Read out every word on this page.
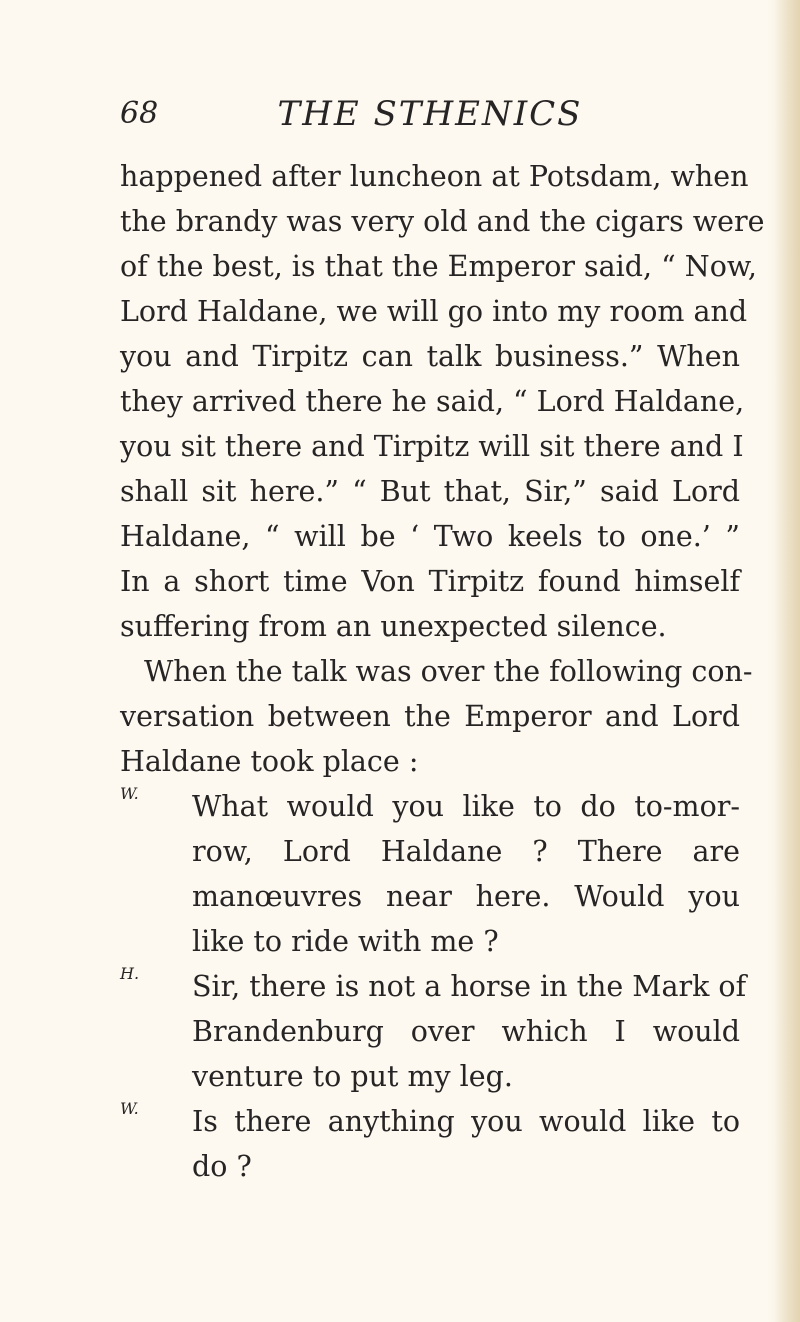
68	THE STHENICS
happened after luncheon at Potsdam, when
the brandy was very old and the cigars were
of the best, is that the Emperor said, “ Now,
Lord Haldane, we will go into my room and
you and Tirpitz can talk business.” When
they arrived there he said, “ Lord Haldane,
you sit there and Tirpitz will sit there and I
shall sit here.” “ But that, Sir,” said Lord
Haldane, “ will be ‘ Two keels to one.’ ”
In a short time Von Tirpitz found himself
suffering from an unexpected silence.
When the talk was over the following con-
versation between the Emperor and Lord
Haldane took place :
W. What would you like to do to-mor-
row, Lord Haldane ? There are
manœuvres near here. Would you
like to ride with me ?
H. Sir, there is not a horse in the Mark of
Brandenburg over which I would
venture to put my leg.
W. Is there anything you would like to
do ?
